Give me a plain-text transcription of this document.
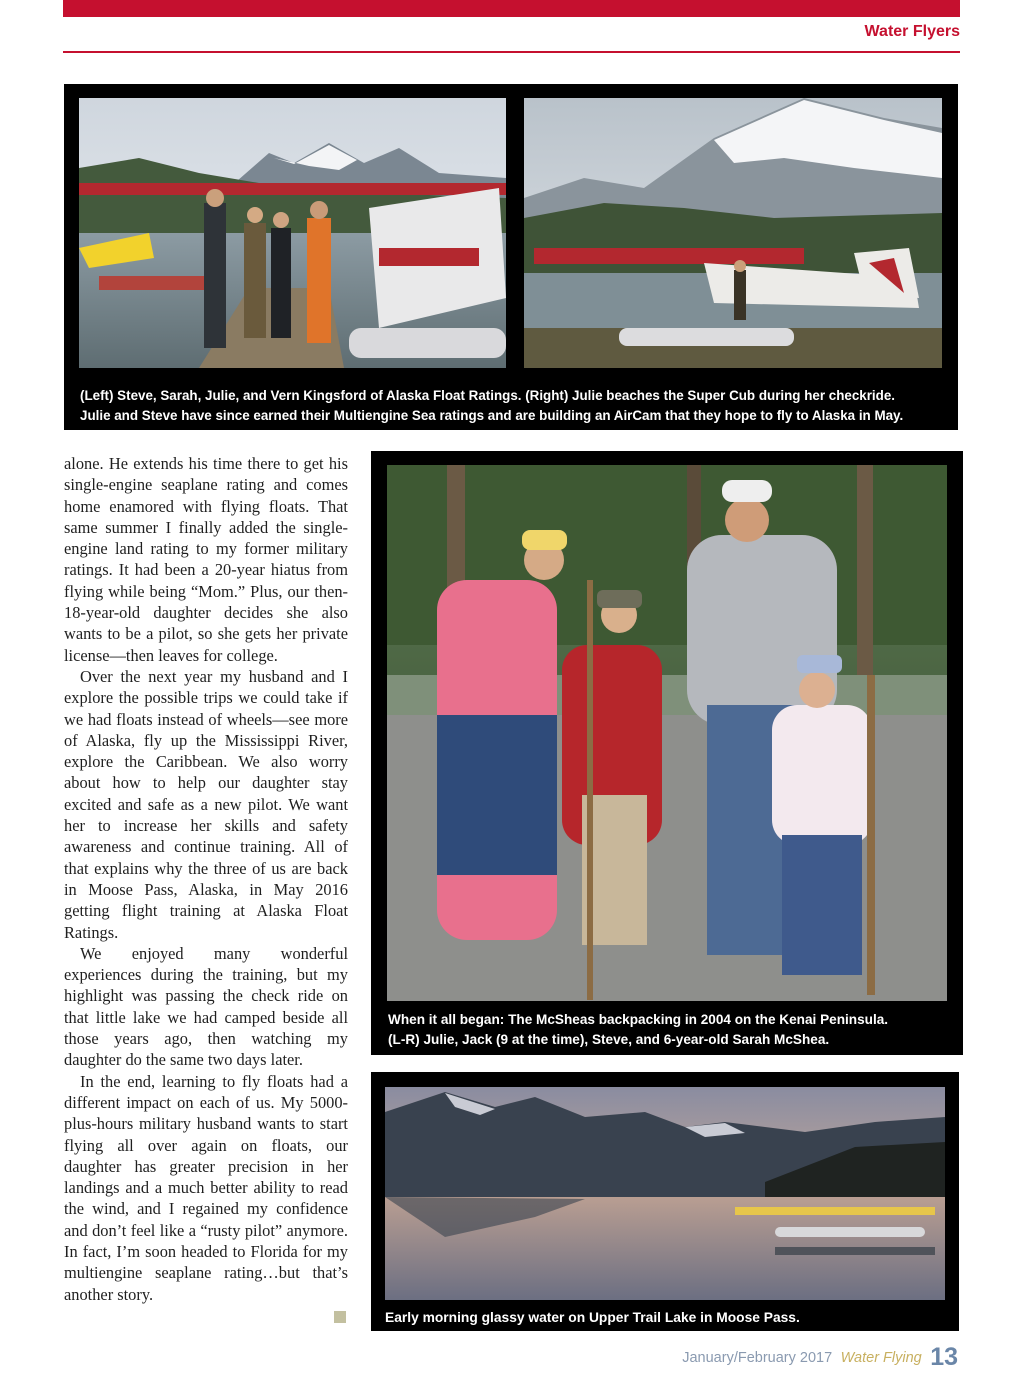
Water Flyers
(Left) Steve, Sarah, Julie, and Vern Kingsford of Alaska Float Ratings. (Right) Julie beaches the Super Cub during her checkride.
Julie and Steve have since earned their Multiengine Sea ratings and are building an AirCam that they hope to fly to Alaska in May.
When it all began: The McSheas backpacking in 2004 on the Kenai Peninsula.
(L-R) Julie, Jack (9 at the time), Steve, and 6-year-old Sarah McShea.
Early morning glassy water on Upper Trail Lake in Moose Pass.

alone. He extends his time there to get his single-engine seaplane rating and comes home enamored with flying floats. That same summer I finally added the single-engine land rating to my former military ratings. It had been a 20-year hiatus from flying while being “Mom.” Plus, our then-18-year-old daughter decides she also wants to be a pilot, so she gets her private license—then leaves for college.

Over the next year my husband and I explore the possible trips we could take if we had floats instead of wheels—see more of Alaska, fly up the Mississippi River, explore the Caribbean. We also worry about how to help our daughter stay excited and safe as a new pilot. We want her to increase her skills and safety awareness and continue training. All of that explains why the three of us are back in Moose Pass, Alaska, in May 2016 getting flight training at Alaska Float Ratings.

We enjoyed many wonderful experiences during the training, but my highlight was passing the check ride on that little lake we had camped beside all those years ago, then watching my daughter do the same two days later.

In the end, learning to fly floats had a different impact on each of us. My 5000-plus-hours military husband wants to start flying all over again on floats, our daughter has greater precision in her landings and a much better ability to read the wind, and I regained my confidence and don’t feel like a “rusty pilot” anymore. In fact, I’m soon headed to Florida for my multiengine seaplane rating…but that’s another story.

January/February 2017 Water Flying 13
